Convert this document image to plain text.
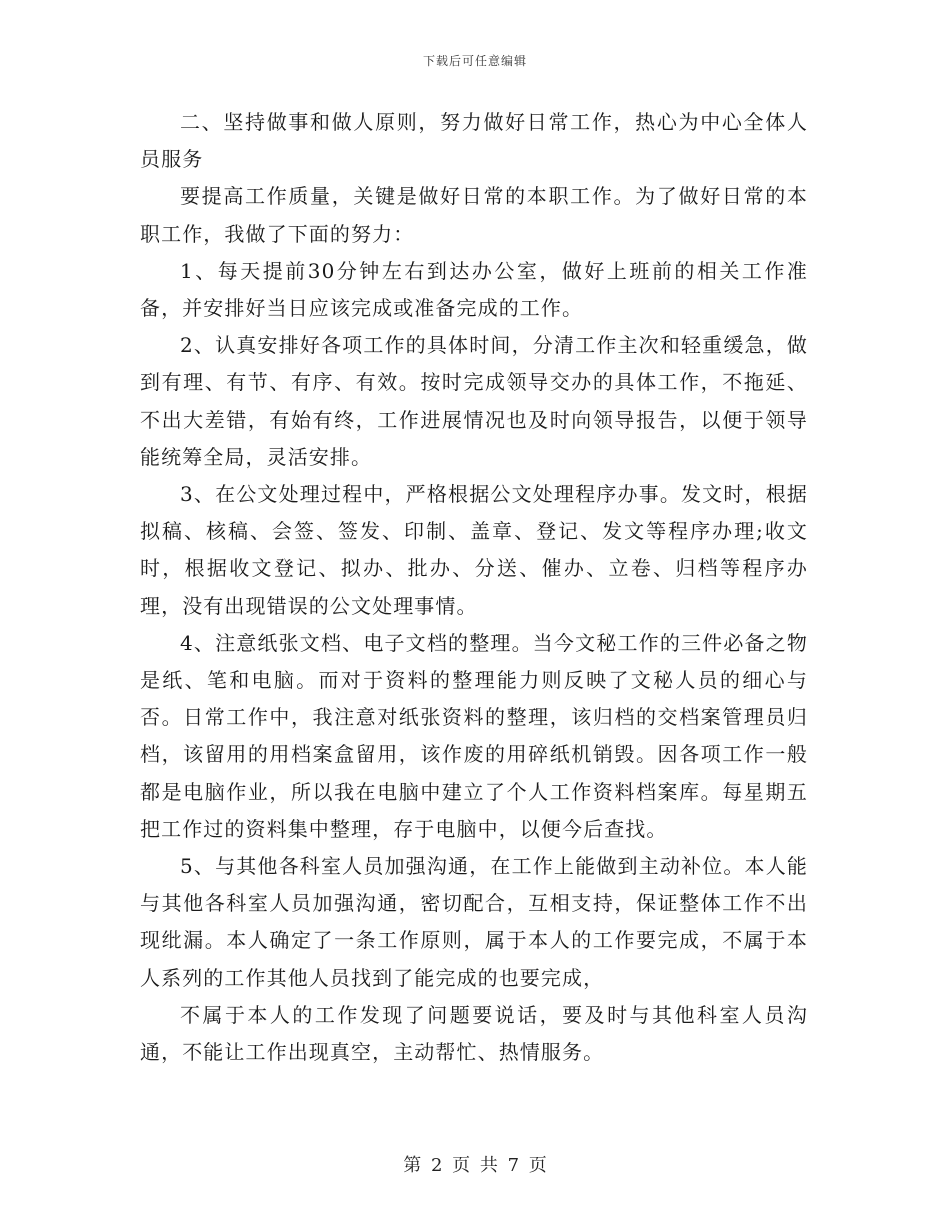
下载后可任意编辑

二、坚持做事和做人原则，努力做好日常工作，热心为中心全体人员服务

要提高工作质量，关键是做好日常的本职工作。为了做好日常的本职工作，我做了下面的努力：

1、每天提前30分钟左右到达办公室，做好上班前的相关工作准备，并安排好当日应该完成或准备完成的工作。

2、认真安排好各项工作的具体时间，分清工作主次和轻重缓急，做到有理、有节、有序、有效。按时完成领导交办的具体工作，不拖延、不出大差错，有始有终，工作进展情况也及时向领导报告，以便于领导能统筹全局，灵活安排。

3、在公文处理过程中，严格根据公文处理程序办事。发文时，根据拟稿、核稿、会签、签发、印制、盖章、登记、发文等程序办理;收文时，根据收文登记、拟办、批办、分送、催办、立卷、归档等程序办理，没有出现错误的公文处理事情。

4、注意纸张文档、电子文档的整理。当今文秘工作的三件必备之物是纸、笔和电脑。而对于资料的整理能力则反映了文秘人员的细心与否。日常工作中，我注意对纸张资料的整理，该归档的交档案管理员归档，该留用的用档案盒留用，该作废的用碎纸机销毁。因各项工作一般都是电脑作业，所以我在电脑中建立了个人工作资料档案库。每星期五把工作过的资料集中整理，存于电脑中，以便今后查找。

5、与其他各科室人员加强沟通，在工作上能做到主动补位。本人能与其他各科室人员加强沟通，密切配合，互相支持，保证整体工作不出现纰漏。本人确定了一条工作原则，属于本人的工作要完成，不属于本人系列的工作其他人员找到了能完成的也要完成，

不属于本人的工作发现了问题要说话，要及时与其他科室人员沟通，不能让工作出现真空，主动帮忙、热情服务。

第 2 页 共 7 页
